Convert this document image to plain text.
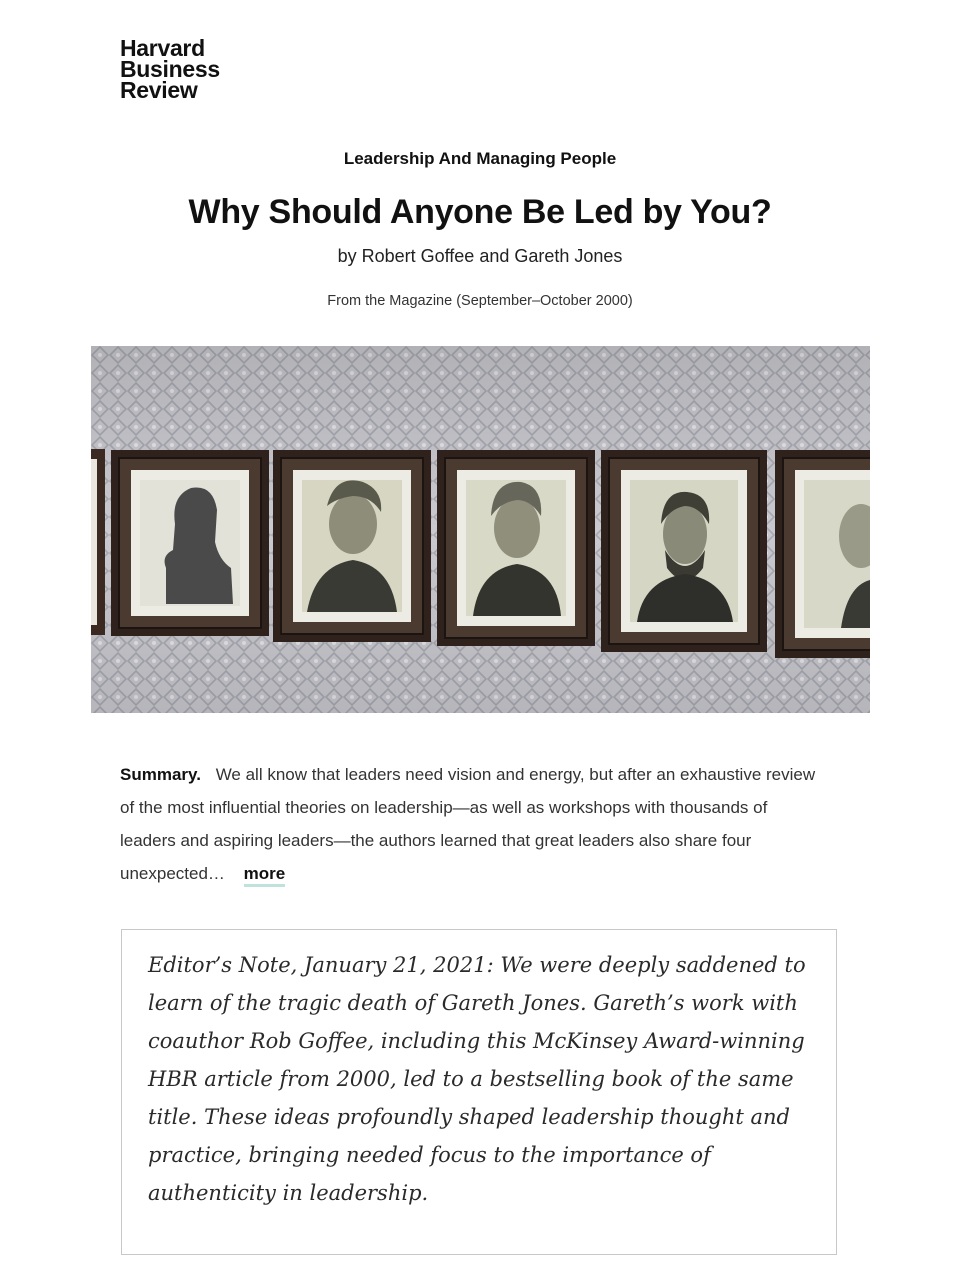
Harvard
Business
Review
Leadership And Managing People
Why Should Anyone Be Led by You?
by Robert Goffee and Gareth Jones
From the Magazine (September–October 2000)
Summary. We all know that leaders need vision and energy, but after an exhaustive review of the most influential theories on leadership—as well as workshops with thousands of leaders and aspiring leaders—the authors learned that great leaders also share four unexpected… more

Editor’s Note, January 21, 2021: We were deeply saddened to learn of the tragic death of Gareth Jones. Gareth’s work with coauthor Rob Goffee, including this McKinsey Award-winning HBR article from 2000, led to a bestselling book of the same title. These ideas profoundly shaped leadership thought and practice, bringing needed focus to the importance of authenticity in leadership.
